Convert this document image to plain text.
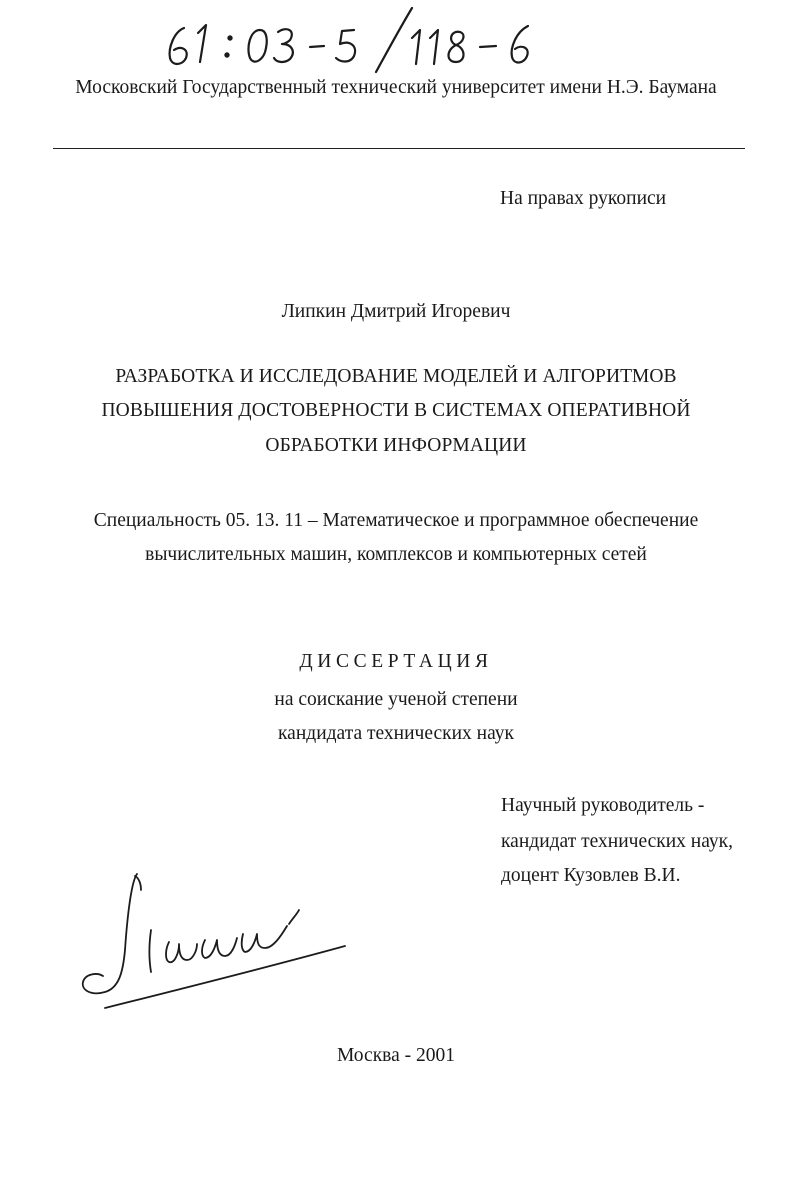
Московский Государственный технический университет имени Н.Э. Баумана
На правах рукописи
Липкин Дмитрий Игоревич
РАЗРАБОТКА И ИССЛЕДОВАНИЕ МОДЕЛЕЙ И АЛГОРИТМОВ
ПОВЫШЕНИЯ ДОСТОВЕРНОСТИ В СИСТЕМАХ ОПЕРАТИВНОЙ
ОБРАБОТКИ ИНФОРМАЦИИ
Специальность 05. 13. 11 – Математическое и программное обеспечение
вычислительных машин, комплексов и компьютерных сетей
ДИССЕРТАЦИЯ
на соискание ученой степени
кандидата технических наук
Научный руководитель -
кандидат технических наук,
доцент Кузовлев В.И.
Москва - 2001
